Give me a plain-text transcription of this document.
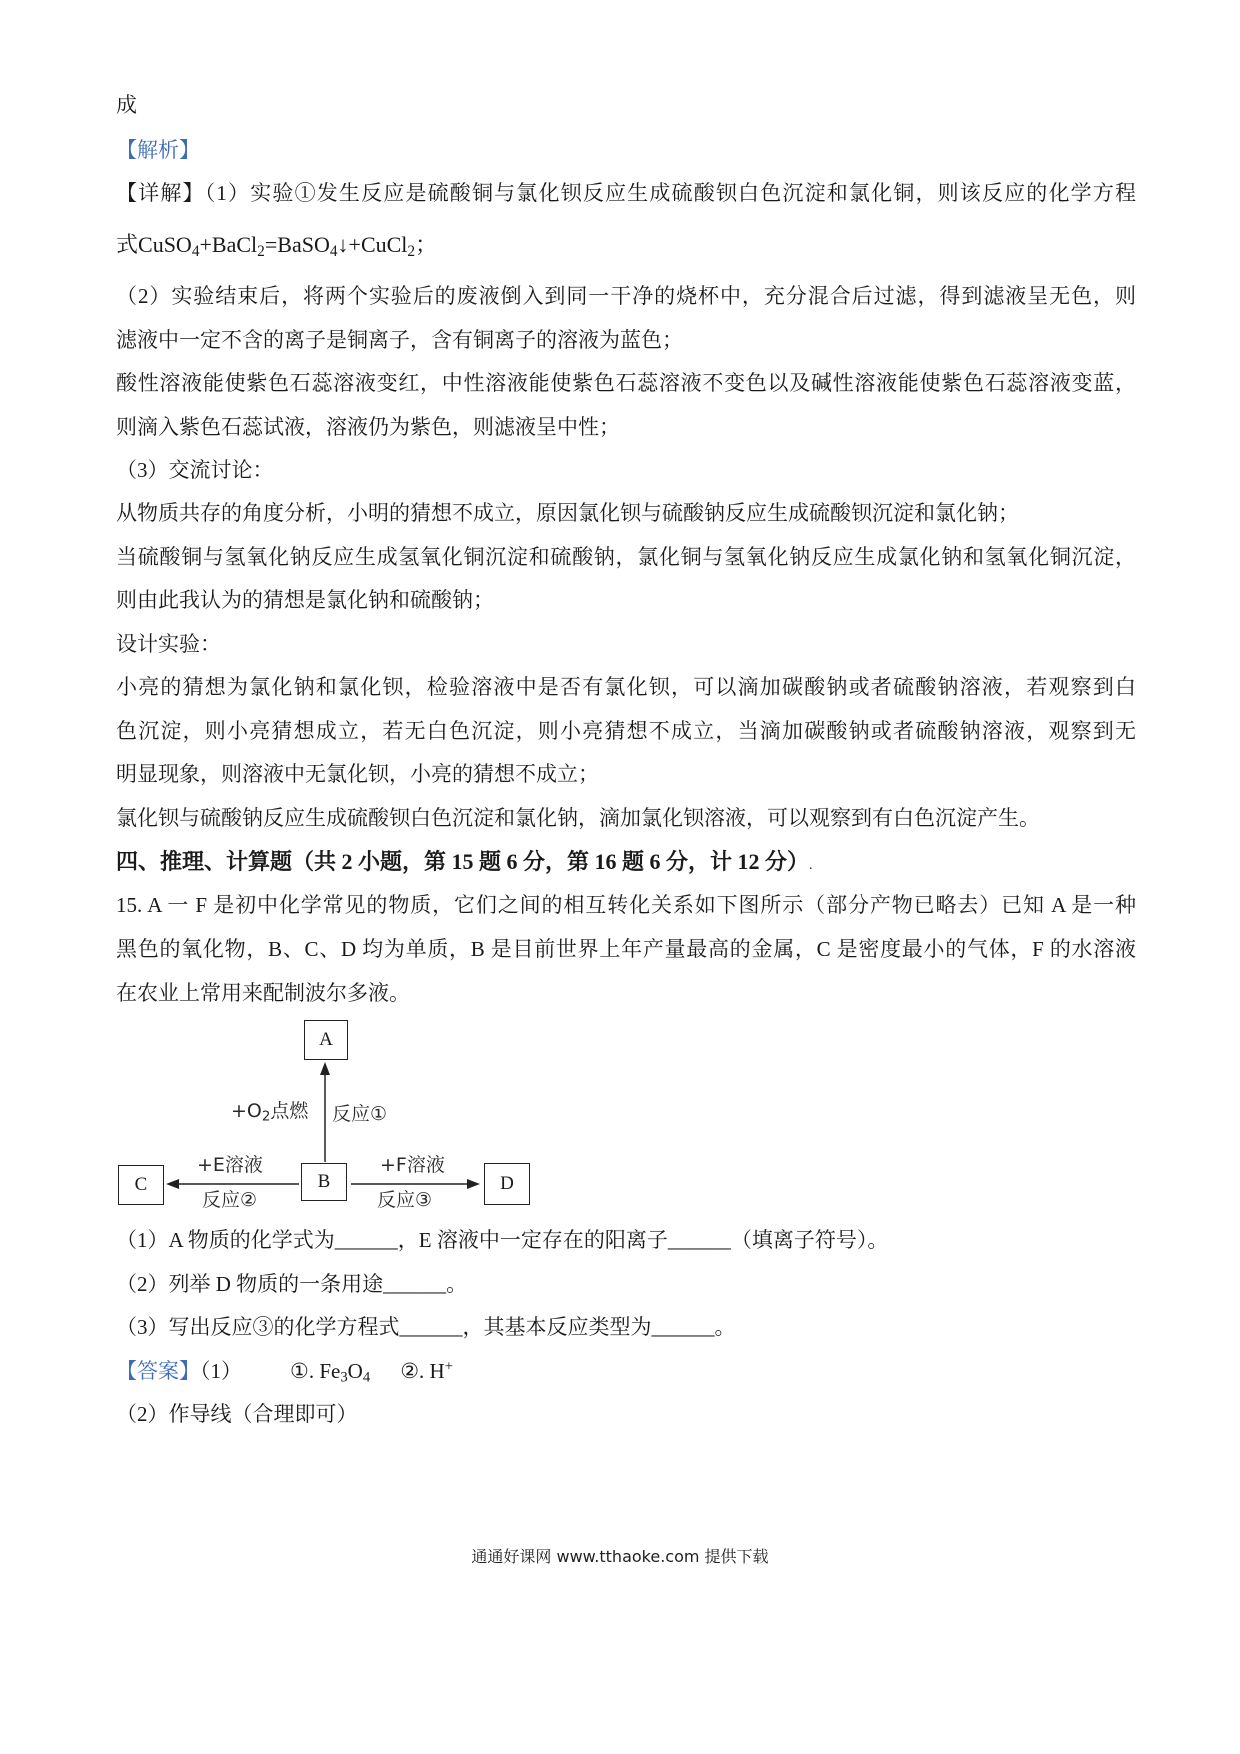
成
【解析】
【详解】（1）实验①发生反应是硫酸铜与氯化钡反应生成硫酸钡白色沉淀和氯化铜，则该反应的化学方程
式CuSO$_4$+BaCl$_2$=BaSO$_4$↓+CuCl$_2$；
（2）实验结束后，将两个实验后的废液倒入到同一干净的烧杯中，充分混合后过滤，得到滤液呈无色，则
滤液中一定不含的离子是铜离子，含有铜离子的溶液为蓝色；
酸性溶液能使紫色石蕊溶液变红，中性溶液能使紫色石蕊溶液不变色以及碱性溶液能使紫色石蕊溶液变蓝，
则滴入紫色石蕊试液，溶液仍为紫色，则滤液呈中性；
（3）交流讨论：
从物质共存的角度分析，小明的猜想不成立，原因氯化钡与硫酸钠反应生成硫酸钡沉淀和氯化钠；
当硫酸铜与氢氧化钠反应生成氢氧化铜沉淀和硫酸钠，氯化铜与氢氧化钠反应生成氯化钠和氢氧化铜沉淀，
则由此我认为的猜想是氯化钠和硫酸钠；
设计实验：
小亮的猜想为氯化钠和氯化钡，检验溶液中是否有氯化钡，可以滴加碳酸钠或者硫酸钠溶液，若观察到白
色沉淀，则小亮猜想成立，若无白色沉淀，则小亮猜想不成立，当滴加碳酸钠或者硫酸钠溶液，观察到无
明显现象，则溶液中无氯化钡，小亮的猜想不成立；
氯化钡与硫酸钠反应生成硫酸钡白色沉淀和氯化钠，滴加氯化钡溶液，可以观察到有白色沉淀产生。
四、推理、计算题（共 2 小题，第 15 题 6 分，第 16 题 6 分，计 12 分）.
15. A 一 F 是初中化学常见的物质，它们之间的相互转化关系如下图所示（部分产物已略去）已知 A 是一种
黑色的氧化物，B、C、D 均为单质，B 是目前世界上年产量最高的金属，C 是密度最小的气体，F 的水溶液
在农业上常用来配制波尔多液。
A
B
C	D
$+O_2$点燃 反应①
+E溶液
反应②
+F溶液
反应③
（1）A 物质的化学式为______，E 溶液中一定存在的阳离子______（填离子符号）。
（2）列举 D 物质的一条用途______。
（3）写出反应③的化学方程式______，其基本反应类型为______。
【答案】（1） ①. $Fe_3O_4$ ②. H+
（2）作导线（合理即可）
通通好课网 www.tthaoke.com 提供下载
